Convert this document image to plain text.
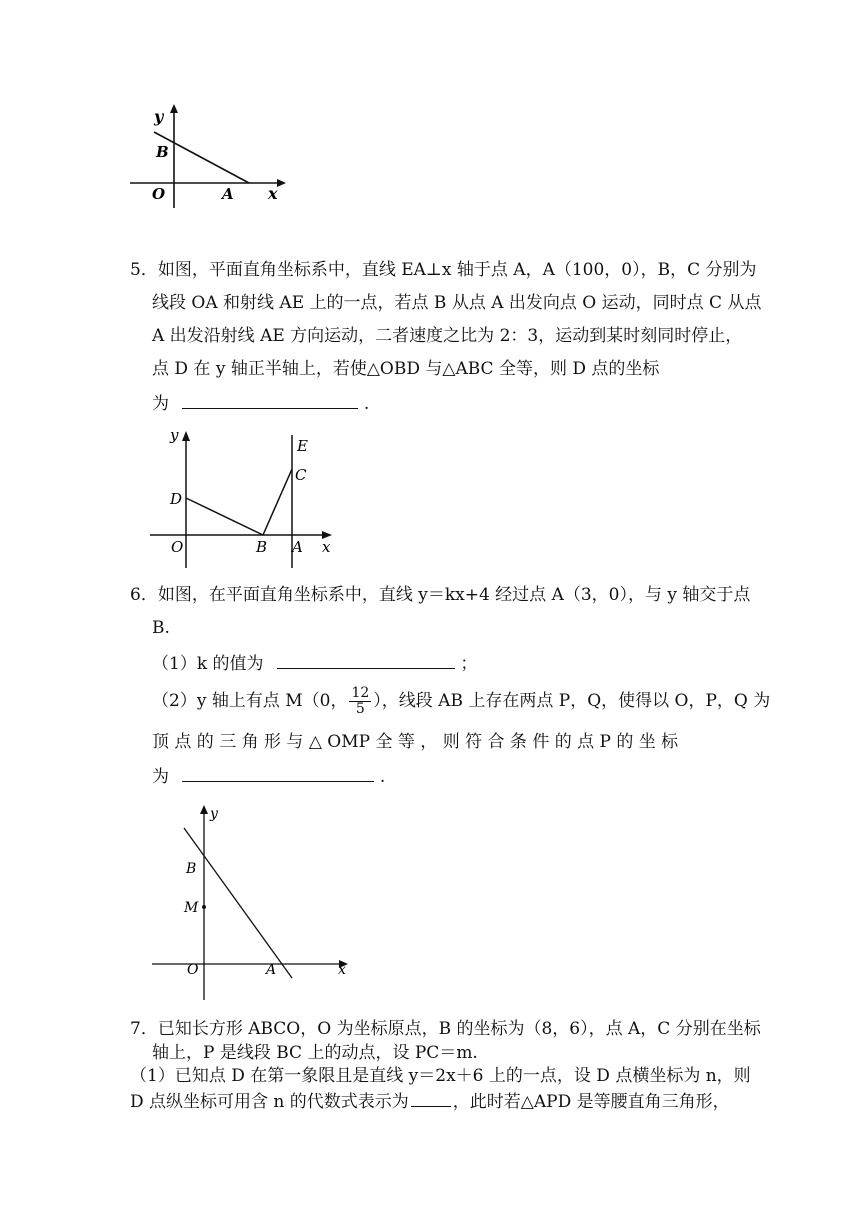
y
B
O	A x
5．如图，平面直角坐标系中，直线 EA⊥x 轴于点 A，A（100，0），B，C 分别为
线段 OA 和射线 AE 上的一点，若点 B 从点 A 出发向点 O 运动，同时点 C 从点
A 出发沿射线 AE 方向运动，二者速度之比为 2：3，运动到某时刻同时停止，
点 D 在 y 轴正半轴上，若使△OBD 与△ABC 全等，则 D 点的坐标
为	.
y
E
C
D
O	B A x
6．如图，在平面直角坐标系中，直线 y＝kx+4 经过点 A（3，0），与 y 轴交于点
B.
（1）k 的值为	；
（2）y 轴上有点 M（0， $\frac{12}{5}$ ），线段 AB 上存在两点 P，Q，使得以 O，P，Q 为
顶 点 的 三 角 形 与 △ OMP 全 等 ， 则 符 合 条 件 的 点 P 的 坐 标
为	.
y
B
M
O	A	x
7．已知长方形 ABCO，O 为坐标原点，B 的坐标为（8，6），点 A，C 分别在坐标
轴上，P 是线段 BC 上的动点，设 PC＝m.
（1）已知点 D 在第一象限且是直线 y＝2x＋6 上的一点，设 D 点横坐标为 n，则
D 点纵坐标可用含 n 的代数式表示为	，此时若△APD 是等腰直角三角形，
